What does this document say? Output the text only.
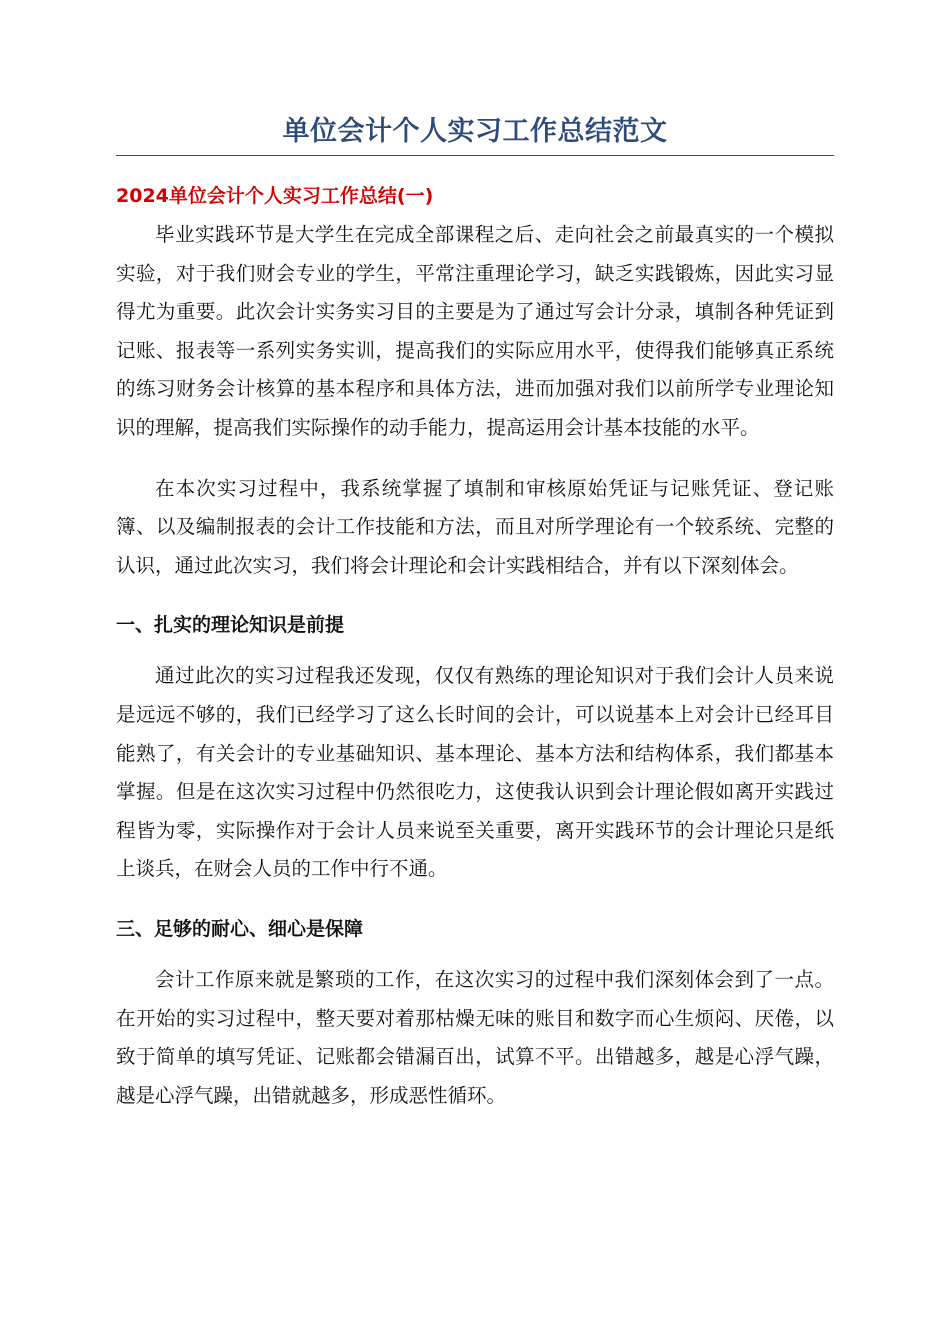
单位会计个人实习工作总结范文
2024单位会计个人实习工作总结(一)

毕业实践环节是大学生在完成全部课程之后、走向社会之前最真实的一个模拟实验，对于我们财会专业的学生，平常注重理论学习，缺乏实践锻炼，因此实习显得尤为重要。此次会计实务实习目的主要是为了通过写会计分录，填制各种凭证到记账、报表等一系列实务实训，提高我们的实际应用水平，使得我们能够真正系统的练习财务会计核算的基本程序和具体方法，进而加强对我们以前所学专业理论知识的理解，提高我们实际操作的动手能力，提高运用会计基本技能的水平。

在本次实习过程中，我系统掌握了填制和审核原始凭证与记账凭证、登记账簿、以及编制报表的会计工作技能和方法，而且对所学理论有一个较系统、完整的认识，通过此次实习，我们将会计理论和会计实践相结合，并有以下深刻体会。

一、扎实的理论知识是前提

通过此次的实习过程我还发现，仅仅有熟练的理论知识对于我们会计人员来说是远远不够的，我们已经学习了这么长时间的会计，可以说基本上对会计已经耳目能熟了，有关会计的专业基础知识、基本理论、基本方法和结构体系，我们都基本掌握。但是在这次实习过程中仍然很吃力，这使我认识到会计理论假如离开实践过程皆为零，实际操作对于会计人员来说至关重要，离开实践环节的会计理论只是纸上谈兵，在财会人员的工作中行不通。

三、足够的耐心、细心是保障

会计工作原来就是繁琐的工作，在这次实习的过程中我们深刻体会到了一点。在开始的实习过程中，整天要对着那枯燥无味的账目和数字而心生烦闷、厌倦，以致于简单的填写凭证、记账都会错漏百出，试算不平。出错越多，越是心浮气躁，越是心浮气躁，出错就越多，形成恶性循环。
